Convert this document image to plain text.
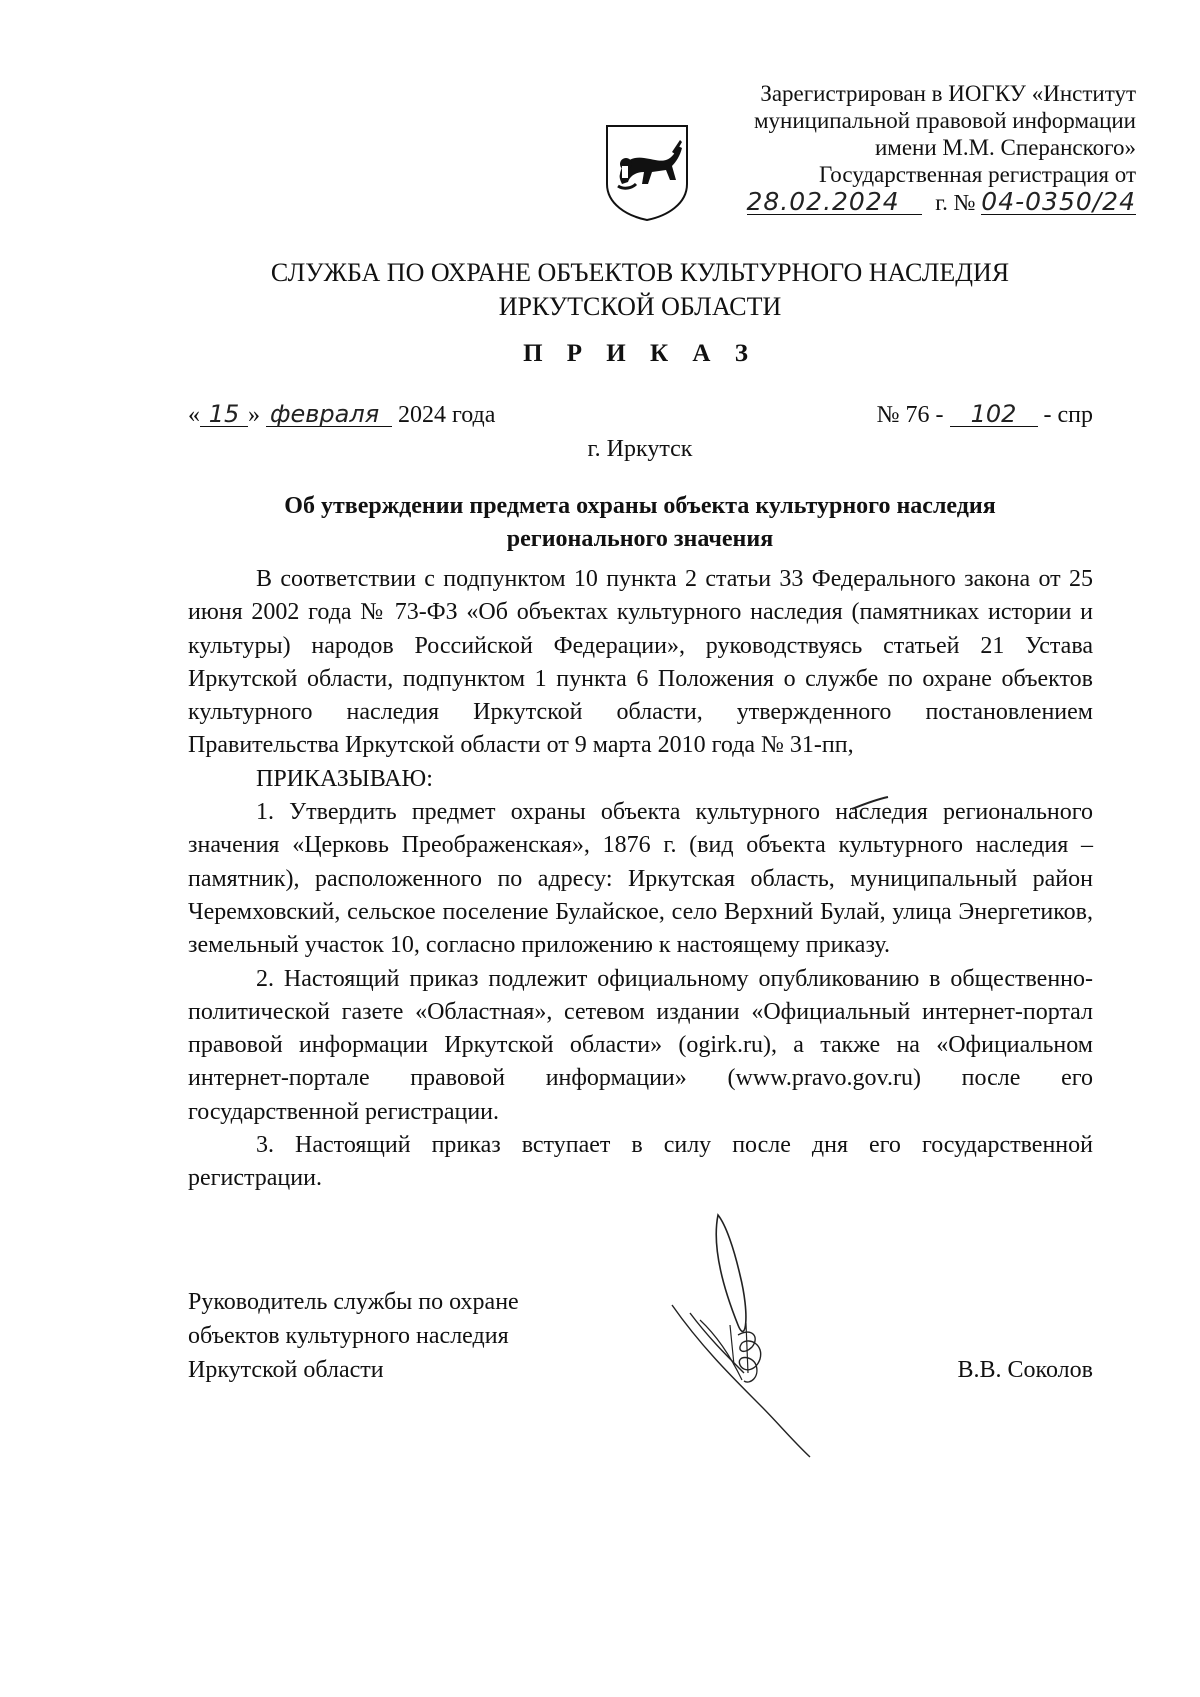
Зарегистрирован в ИОГКУ «Институт
муниципальной правовой информации
имени М.М. Сперанского»
Государственная регистрация от
28.02.2024 г. № 04-0350/24
СЛУЖБА ПО ОХРАНЕ ОБЪЕКТОВ КУЛЬТУРНОГО НАСЛЕДИЯ
ИРКУТСКОЙ ОБЛАСТИ
П Р И К А З
« 15 » февраля 2024 года	№ 76 - 102 - спр
г. Иркутск
Об утверждении предмета охраны объекта культурного наследия
регионального значения

В соответствии с подпунктом 10 пункта 2 статьи 33 Федерального закона от 25 июня 2002 года № 73-ФЗ «Об объектах культурного наследия (памятниках истории и культуры) народов Российской Федерации», руководствуясь статьей 21 Устава Иркутской области, подпунктом 1 пункта 6 Положения о службе по охране объектов культурного наследия Иркутской области, утвержденного постановлением Правительства Иркутской области от 9 марта 2010 года № 31-пп,

ПРИКАЗЫВАЮ:

1. Утвердить предмет охраны объекта культурного наследия регионального значения «Церковь Преображенская», 1876 г. (вид объекта культурного наследия – памятник), расположенного по адресу: Иркутская область, муниципальный район Черемховский, сельское поселение Булайское, село Верхний Булай, улица Энергетиков, земельный участок 10, согласно приложению к настоящему приказу.

2. Настоящий приказ подлежит официальному опубликованию в общественно-политической газете «Областная», сетевом издании «Официальный интернет-портал правовой информации Иркутской области» (ogirk.ru), а также на «Официальном интернет-портале правовой информации» (www.pravo.gov.ru) после его государственной регистрации.

3. Настоящий приказ вступает в силу после дня его государственной регистрации.

Руководитель службы по охране
объектов культурного наследия
Иркутской области	В.В. Соколов
